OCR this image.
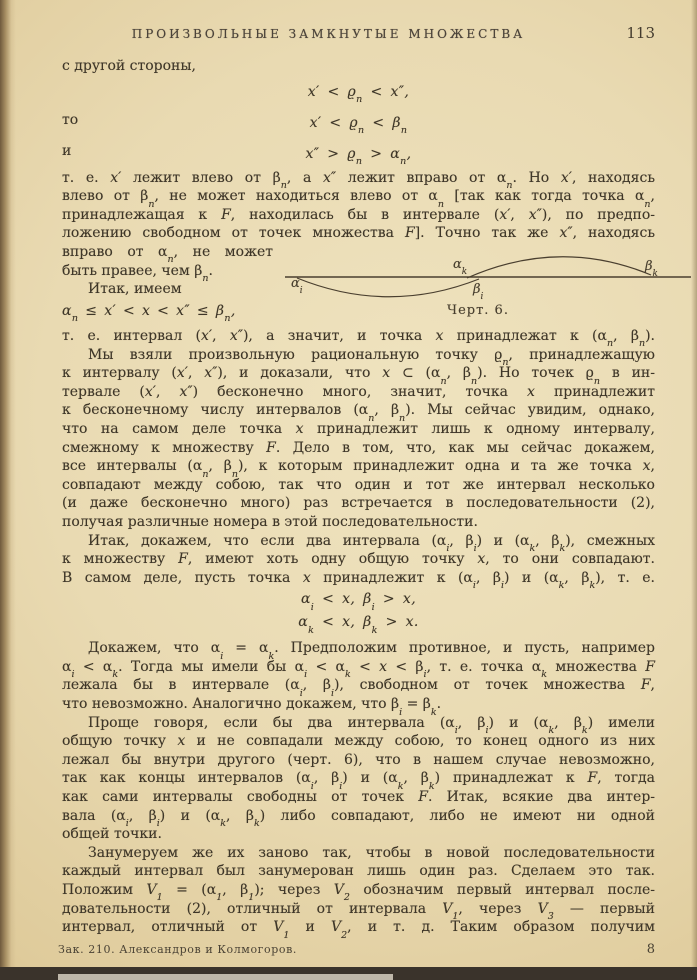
ПРОИЗВОЛЬНЫЕ ЗАМКНУТЫЕ МНОЖЕСТВА	113
с другой стороны,
$x' < ϱ_n < x''$,
то	$x' < ϱ_n < \beta_n$
и	$x'' > ϱ_n > \alpha_n$,
т. е. x′ лежит влево от $\beta_n$, а x″ лежит вправо от $\alpha_n$. Но x′, находясь
влево от $\beta_n$, не может находиться влево от $\alpha_n$ [так как тогда точка $\alpha_n$,
принадлежащая к F, находилась бы в интервале (x′, x″), по предпо-
ложению свободном от точек множества F]. Точно так же x″, находясь
$\alpha_i$	$\beta_i$
$\alpha_k$	$\beta_k$
Черт. 6.
вправо от $\alpha_n$, не может
быть правее, чем $\beta_n$.
Итак, имеем
$\alpha_n \le x' < x < x'' \le \beta_n$,
т. е. интервал (x′, x″), а значит, и точка x принадлежат к ($\alpha_n$, $\beta_n$).
Мы взяли произвольную рациональную точку $ϱ_n$, принадлежащую
к интервалу (x′, x″), и доказали, что x ⊂ ($\alpha_n$, $\beta_n$). Но точек $ϱ_n$ в ин-
тервале (x′, x″) бесконечно много, значит, точка x принадлежит
к бесконечному числу интервалов ($\alpha_n$, $\beta_n$). Мы сейчас увидим, однако,
что на самом деле точка x принадлежит лишь к одному интервалу,
смежному к множеству F. Дело в том, что, как мы сейчас докажем,
все интервалы ($\alpha_n$, $\beta_n$), к которым принадлежит одна и та же точка x,
совпадают между собою, так что один и тот же интервал несколько
(и даже бесконечно много) раз встречается в последовательности (2),
получая различные номера в этой последовательности.
Итак, докажем, что если два интервала ($\alpha_i$, $\beta_i$) и ($\alpha_k$, $\beta_k$), смежных
к множеству F, имеют хоть одну общую точку x, то они совпадают.
В самом деле, пусть точка x принадлежит к ($\alpha_i$, $\beta_i$) и ($\alpha_k$, $\beta_k$), т. е.
$\alpha_i < x$, $\beta_i > x$,
$\alpha_k < x$, $\beta_k > x$.
Докажем, что $\alpha_i = \alpha_k$. Предположим противное, и пусть, например
$\alpha_i < \alpha_k$. Тогда мы имели бы $\alpha_i < \alpha_k < x < \beta_i$, т. е. точка $\alpha_k$ множества F
лежала бы в интервале ($\alpha_i$, $\beta_i$), свободном от точек множества F,
что невозможно. Аналогично докажем, что $\beta_i = \beta_k$.
Проще говоря, если бы два интервала ($\alpha_i$, $\beta_i$) и ($\alpha_k$, $\beta_k$) имели
общую точку x и не совпадали между собою, то конец одного из них
лежал бы внутри другого (черт. 6), что в нашем случае невозможно,
так как концы интервалов ($\alpha_i$, $\beta_i$) и ($\alpha_k$, $\beta_k$) принадлежат к F, тогда
как сами интервалы свободны от точек F. Итак, всякие два интер-
вала ($\alpha_i$, $\beta_i$) и ($\alpha_k$, $\beta_k$) либо совпадают, либо не имеют ни одной
общей точки.
Занумеруем же их заново так, чтобы в новой последовательности
каждый интервал был занумерован лишь один раз. Сделаем это так.
Положим $V_1 = (\alpha_1$, $\beta_1$); через $V_2$ обозначим первый интервал после-
довательности (2), отличный от интервала $V_1$, через $V_3$ — первый
интервал, отличный от $V_1$ и $V_2$, и т. д. Таким образом получим
Зак. 210. Александров и Колмогоров.	8
